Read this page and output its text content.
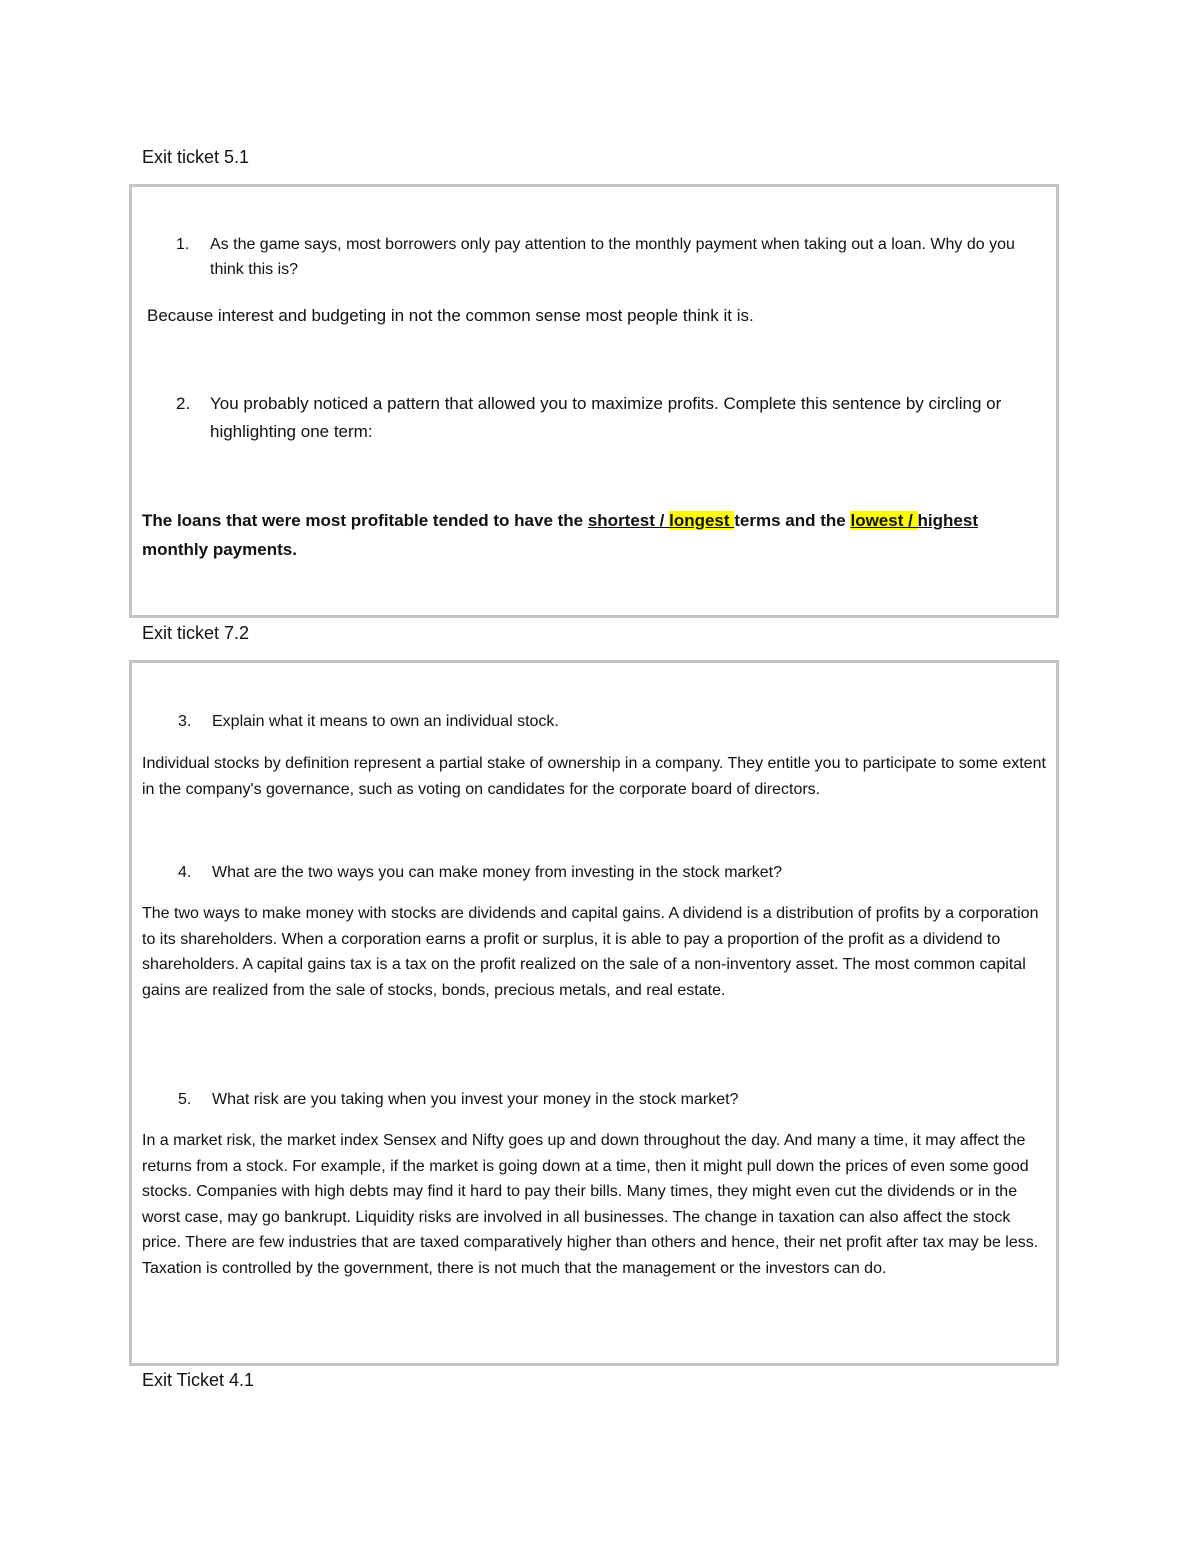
Exit ticket 5.1

1. As the game says, most borrowers only pay attention to the monthly payment when taking out a loan. Why do you think this is?

Because interest and budgeting in not the common sense most people think it is.

2. You probably noticed a pattern that allowed you to maximize profits. Complete this sentence by circling or highlighting one term:

The loans that were most profitable tended to have the shortest / longest terms and the lowest / highest monthly payments.

Exit ticket 7.2

3. Explain what it means to own an individual stock.

Individual stocks by definition represent a partial stake of ownership in a company. They entitle you to participate to some extent in the company's governance, such as voting on candidates for the corporate board of directors.

4. What are the two ways you can make money from investing in the stock market?

The two ways to make money with stocks are dividends and capital gains. A dividend is a distribution of profits by a corporation to its shareholders. When a corporation earns a profit or surplus, it is able to pay a proportion of the profit as a dividend to shareholders. A capital gains tax is a tax on the profit realized on the sale of a non-inventory asset. The most common capital gains are realized from the sale of stocks, bonds, precious metals, and real estate.

5. What risk are you taking when you invest your money in the stock market?

In a market risk, the market index Sensex and Nifty goes up and down throughout the day. And many a time, it may affect the returns from a stock. For example, if the market is going down at a time, then it might pull down the prices of even some good stocks. Companies with high debts may find it hard to pay their bills. Many times, they might even cut the dividends or in the worst case, may go bankrupt. Liquidity risks are involved in all businesses. The change in taxation can also affect the stock price. There are few industries that are taxed comparatively higher than others and hence, their net profit after tax may be less. Taxation is controlled by the government, there is not much that the management or the investors can do.

Exit Ticket 4.1
